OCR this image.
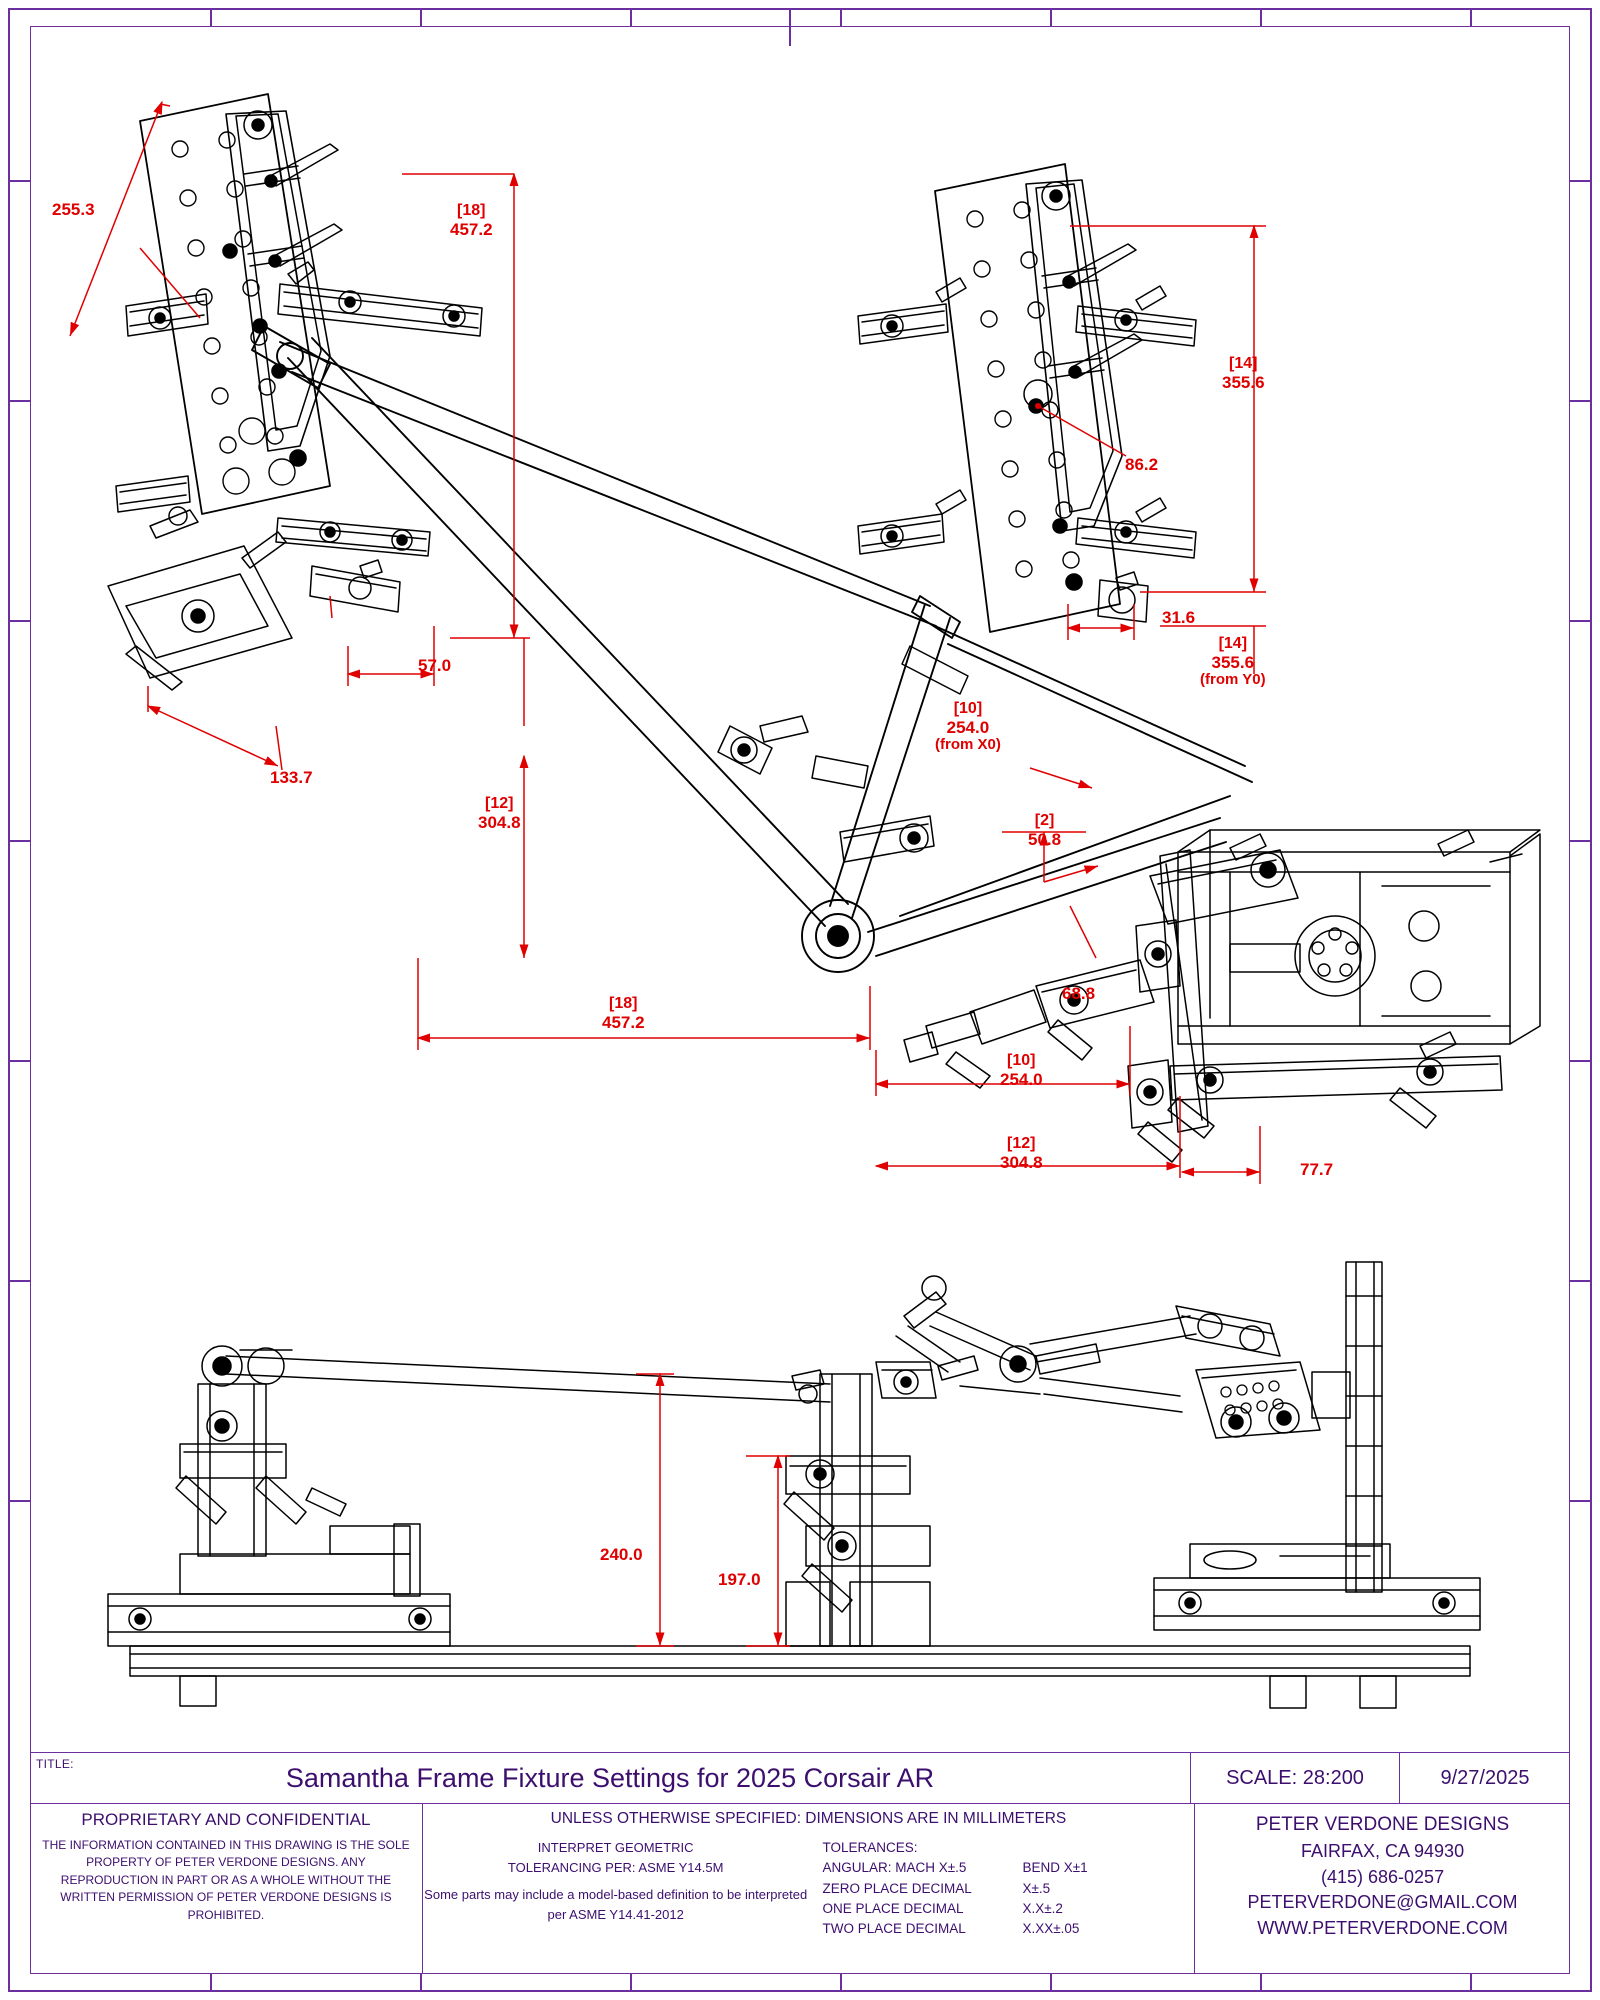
255.3	[18]
457.2
[14]
355.6
86.2
31.6
[14]
355.6
(from Y0)
57.0
133.7
[10]
254.0
(from X0)
[2]
50.8
[12]
304.8
68.8
[18]
457.2
[10]
254.0
[12]
304.8	77.7
240.0
197.0
TITLE:	Samantha Frame Fixture Settings for 2025 Corsair AR	SCALE: 28:200	9/27/2025
PROPRIETARY AND CONFIDENTIAL
THE INFORMATION CONTAINED IN THIS DRAWING IS THE SOLE PROPERTY OF PETER VERDONE DESIGNS. ANY REPRODUCTION IN PART OR AS A WHOLE WITHOUT THE WRITTEN PERMISSION OF PETER VERDONE DESIGNS IS PROHIBITED.
UNLESS OTHERWISE SPECIFIED: DIMENSIONS ARE IN MILLIMETERS
INTERPRET GEOMETRIC
TOLERANCING PER: ASME Y14.5M
Some parts may include a model-based definition to be interpreted per ASME Y14.41-2012
TOLERANCES:
ANGULAR: MACH X±.5	BEND X±1
ZERO PLACE DECIMAL	X±.5
ONE PLACE DECIMAL	X.X±.2
TWO PLACE DECIMAL	X.XX±.05
PETER VERDONE DESIGNS
FAIRFAX, CA 94930
(415) 686-0257
PETERVERDONE@GMAIL.COM
WWW.PETERVERDONE.COM
